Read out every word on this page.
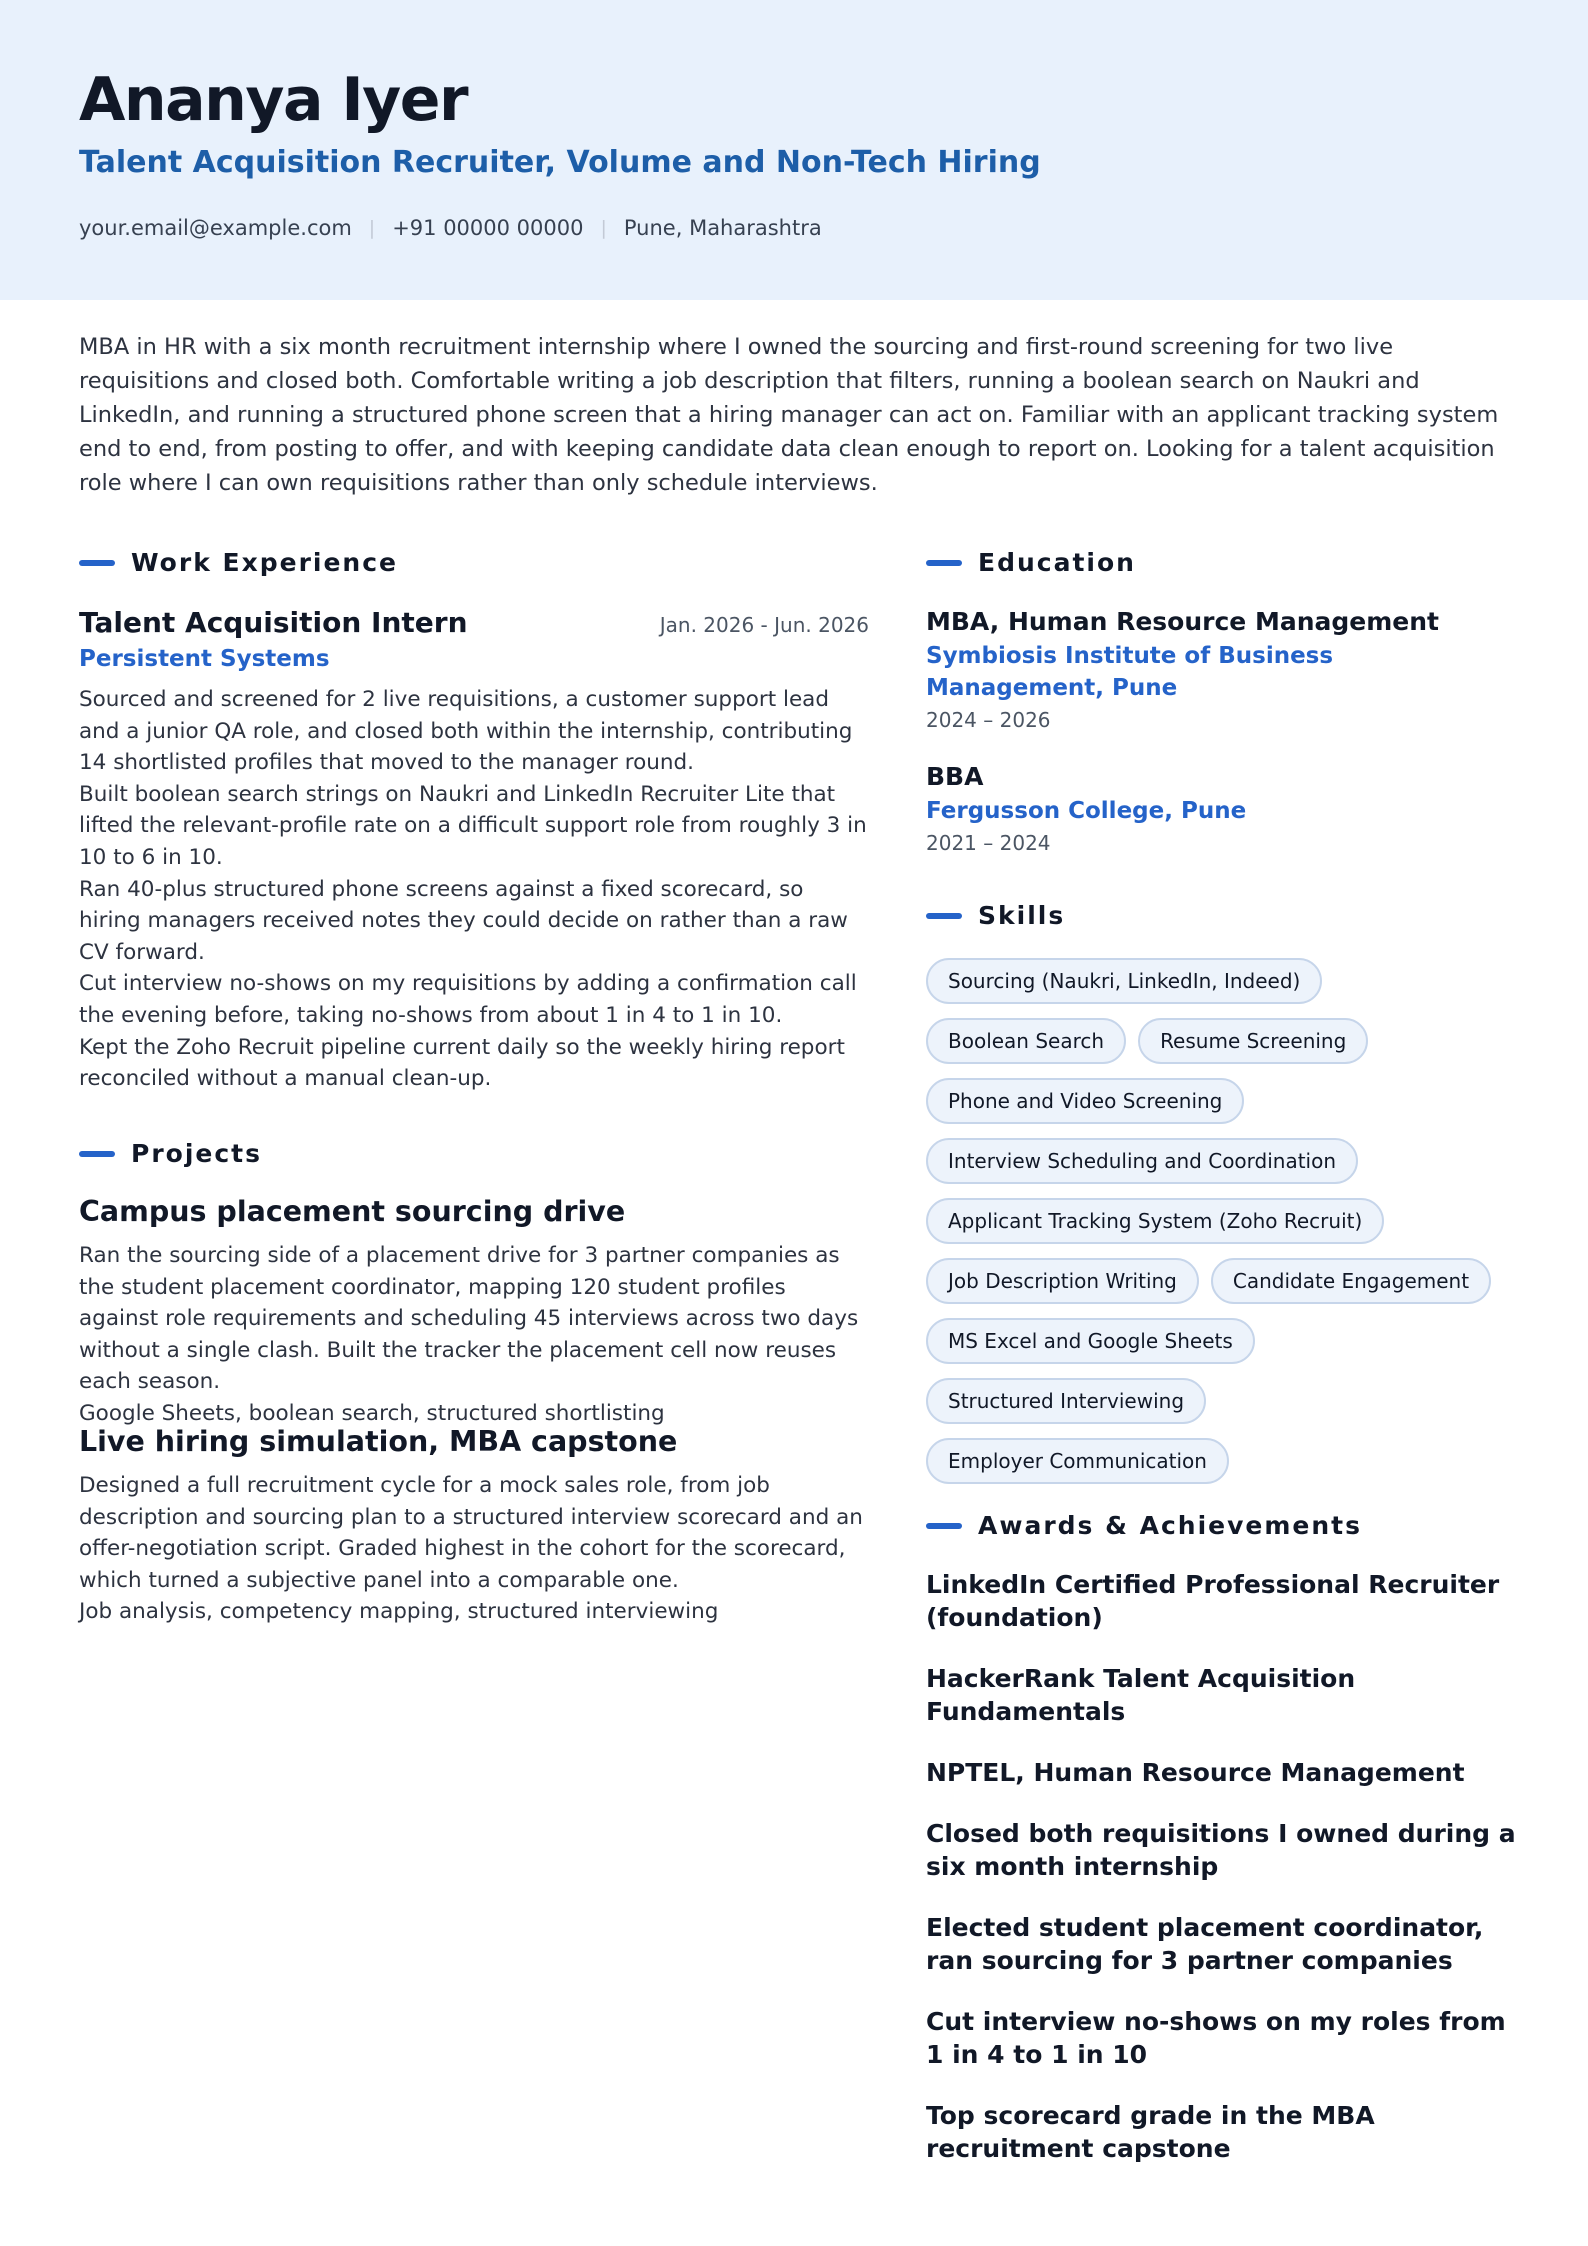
Ananya Iyer
Talent Acquisition Recruiter, Volume and Non-Tech Hiring
your.email@example.com | +91 00000 00000 | Pune, Maharashtra
MBA in HR with a six month recruitment internship where I owned the sourcing and first-round screening for two live requisitions and closed both. Comfortable writing a job description that filters, running a boolean search on Naukri and LinkedIn, and running a structured phone screen that a hiring manager can act on. Familiar with an applicant tracking system end to end, from posting to offer, and with keeping candidate data clean enough to report on. Looking for a talent acquisition role where I can own requisitions rather than only schedule interviews.
Work Experience
Talent Acquisition Intern	Jan. 2026 - Jun. 2026
Persistent Systems
Sourced and screened for 2 live requisitions, a customer support lead and a junior QA role, and closed both within the internship, contributing 14 shortlisted profiles that moved to the manager round.
Built boolean search strings on Naukri and LinkedIn Recruiter Lite that lifted the relevant-profile rate on a difficult support role from roughly 3 in 10 to 6 in 10.
Ran 40-plus structured phone screens against a fixed scorecard, so hiring managers received notes they could decide on rather than a raw CV forward.
Cut interview no-shows on my requisitions by adding a confirmation call the evening before, taking no-shows from about 1 in 4 to 1 in 10.
Kept the Zoho Recruit pipeline current daily so the weekly hiring report reconciled without a manual clean-up.
Projects
Campus placement sourcing drive
Ran the sourcing side of a placement drive for 3 partner companies as the student placement coordinator, mapping 120 student profiles against role requirements and scheduling 45 interviews across two days without a single clash. Built the tracker the placement cell now reuses each season.
Google Sheets, boolean search, structured shortlisting
Live hiring simulation, MBA capstone
Designed a full recruitment cycle for a mock sales role, from job description and sourcing plan to a structured interview scorecard and an offer-negotiation script. Graded highest in the cohort for the scorecard, which turned a subjective panel into a comparable one.
Job analysis, competency mapping, structured interviewing
Education
MBA, Human Resource Management
Symbiosis Institute of Business Management, Pune
2024 – 2026
BBA
Fergusson College, Pune
2021 – 2024
Skills
Sourcing (Naukri, LinkedIn, Indeed)
Boolean Search	Resume Screening
Phone and Video Screening
Interview Scheduling and Coordination
Applicant Tracking System (Zoho Recruit)
Job Description Writing	Candidate Engagement
MS Excel and Google Sheets
Structured Interviewing
Employer Communication
Awards & Achievements
LinkedIn Certified Professional Recruiter (foundation)
HackerRank Talent Acquisition Fundamentals
NPTEL, Human Resource Management
Closed both requisitions I owned during a six month internship
Elected student placement coordinator, ran sourcing for 3 partner companies
Cut interview no-shows on my roles from 1 in 4 to 1 in 10
Top scorecard grade in the MBA recruitment capstone
